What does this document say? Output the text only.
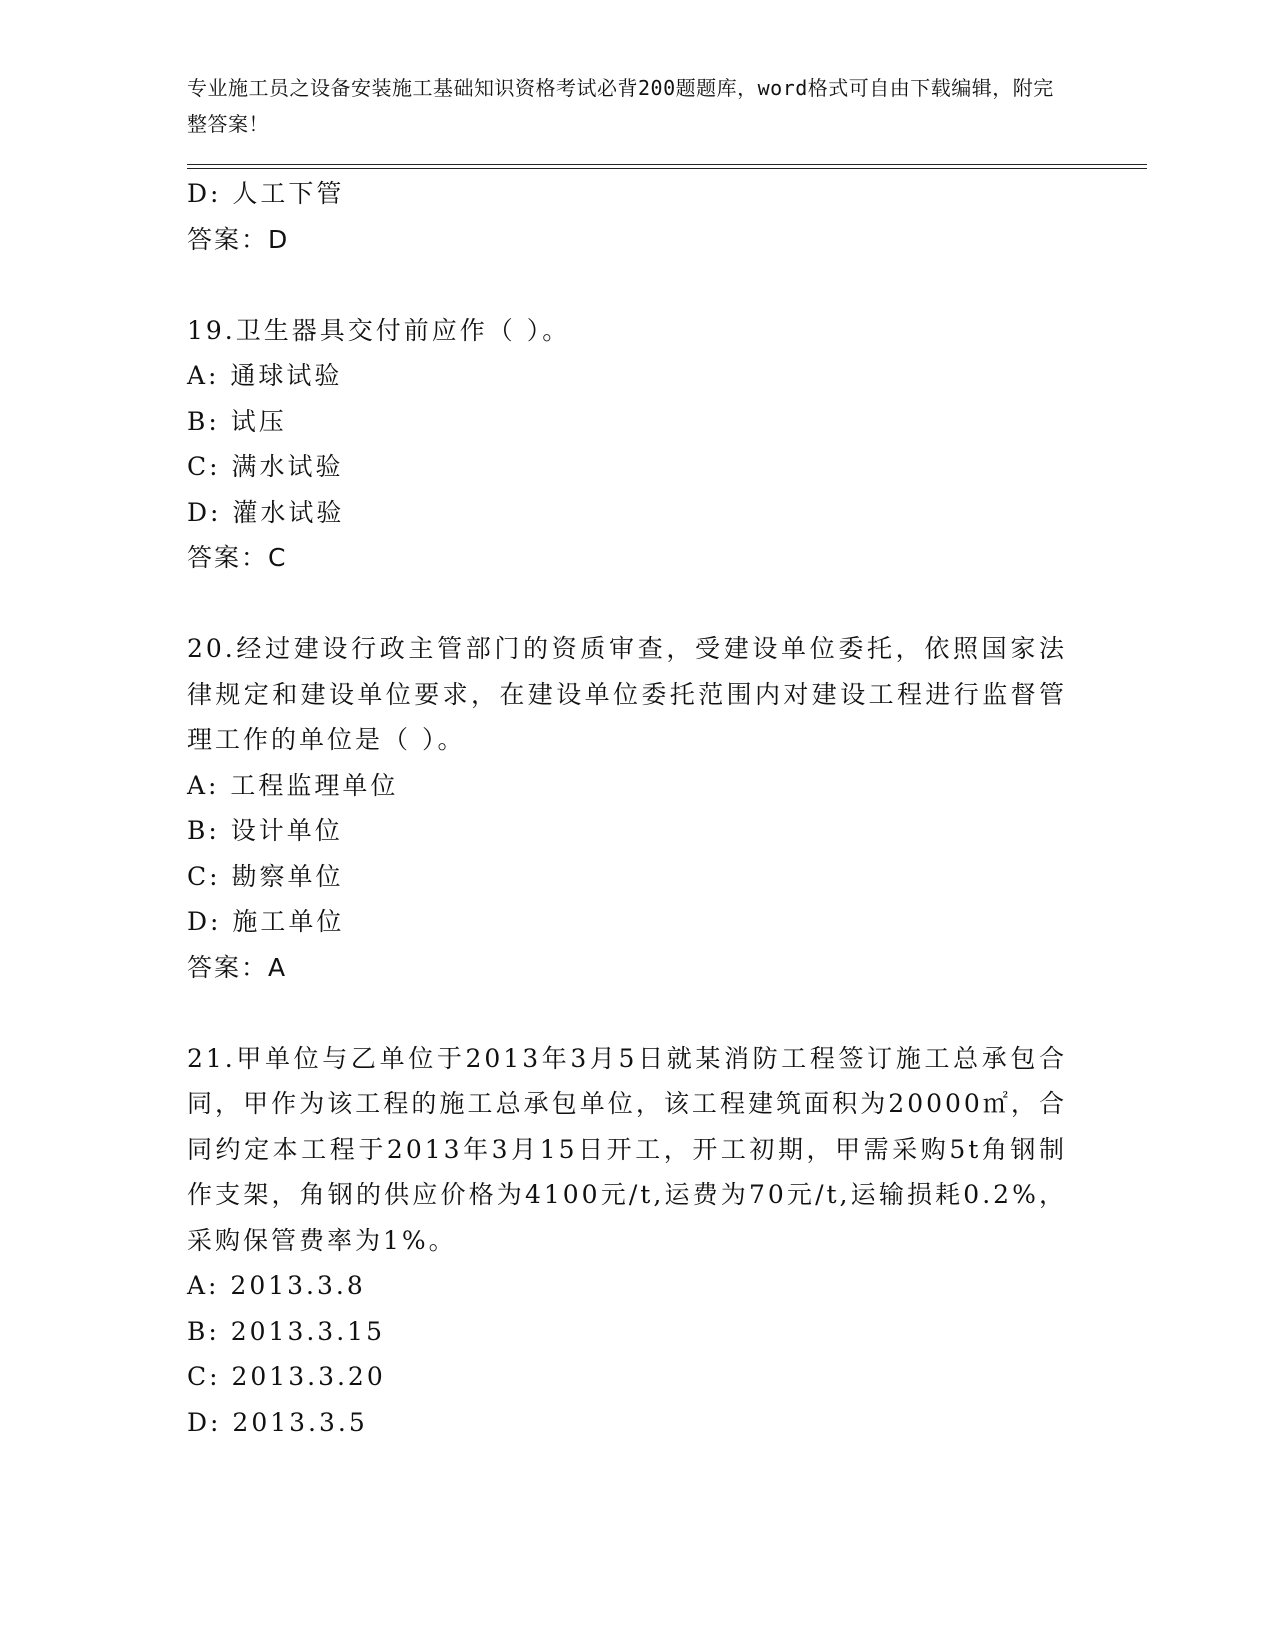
专业施工员之设备安装施工基础知识资格考试必背200题题库，word格式可自由下载编辑，附完整答案！
D: 人工下管
答案：D
19.卫生器具交付前应作（ ）。
A: 通球试验
B: 试压
C: 满水试验
D: 灌水试验
答案：C
20.经过建设行政主管部门的资质审查，受建设单位委托，依照国家法律规定和建设单位要求，在建设单位委托范围内对建设工程进行监督管理工作的单位是（ ）。
A: 工程监理单位
B: 设计单位
C: 勘察单位
D: 施工单位
答案：A
21.甲单位与乙单位于2013年3月5日就某消防工程签订施工总承包合同，甲作为该工程的施工总承包单位，该工程建筑面积为20000㎡，合同约定本工程于2013年3月15日开工，开工初期，甲需采购5t角钢制作支架，角钢的供应价格为4100元/t,运费为70元/t,运输损耗0.2%，采购保管费率为1%。
A: 2013.3.8
B: 2013.3.15
C: 2013.3.20
D: 2013.3.5
